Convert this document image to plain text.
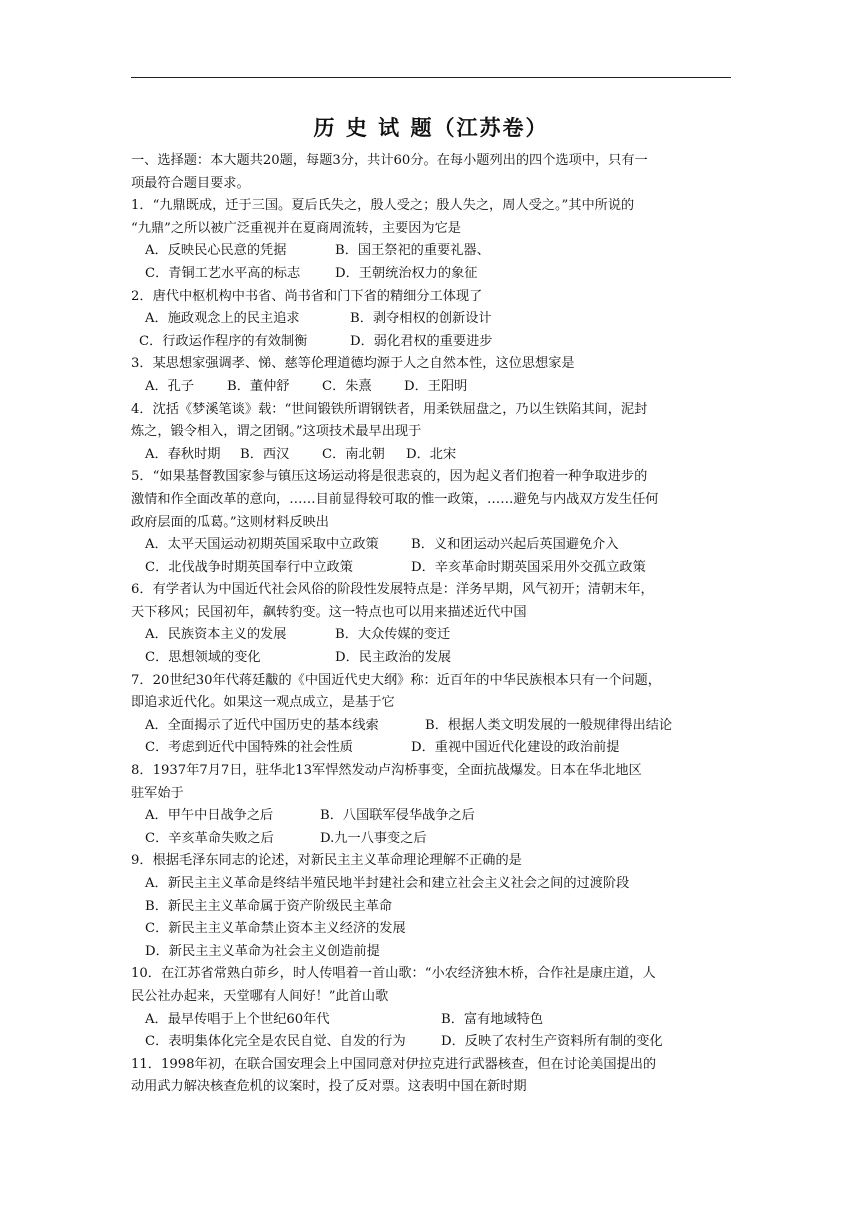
历 史 试 题（江苏卷）
一、选择题：本大题共20题，每题3分，共计60分。在每小题列出的四个选项中，只有一
项最符合题目要求。
1．“九鼎既成，迁于三国。夏后氏失之，殷人受之；殷人失之，周人受之。”其中所说的
“九鼎”之所以被广泛重视并在夏商周流转，主要因为它是
A．反映民心民意的凭据	B．国王祭祀的重要礼器、
C．青铜工艺水平高的标志	D．王朝统治权力的象征
2．唐代中枢机构中书省、尚书省和门下省的精细分工体现了
A．施政观念上的民主追求	B．剥夺相权的创新设计
C．行政运作程序的有效制衡	D．弱化君权的重要进步
3．某思想家强调孝、悌、慈等伦理道德均源于人之自然本性，这位思想家是
A．孔子 B．董仲舒 C．朱熹 D．王阳明
4．沈括《梦溪笔谈》载：“世间锻铁所谓钢铁者，用柔铁屈盘之，乃以生铁陷其间，泥封
炼之，锻令相入，谓之团钢。”这项技术最早出现于
A．春秋时期 B．西汉 C．南北朝 D．北宋
5．“如果基督教国家参与镇压这场运动将是很悲哀的，因为起义者们抱着一种争取进步的
激情和作全面改革的意向，……目前显得较可取的惟一政策，……避免与内战双方发生任何
政府层面的瓜葛。”这则材料反映出
A．太平天国运动初期英国采取中立政策 B．义和团运动兴起后英国避免介入
C．北伐战争时期英国奉行中立政策	D．辛亥革命时期英国采用外交孤立政策
6．有学者认为中国近代社会风俗的阶段性发展特点是：洋务早期，风气初开；清朝末年，
天下移风；民国初年，飙转豹变。这一特点也可以用来描述近代中国
A．民族资本主义的发展	B．大众传媒的变迁
C．思想领域的变化	D．民主政治的发展
7．20世纪30年代蒋廷黻的《中国近代史大纲》称：近百年的中华民族根本只有一个问题，
即追求近代化。如果这一观点成立，是基于它
A．全面揭示了近代中国历史的基本线索	B．根据人类文明发展的一般规律得出结论
C．考虑到近代中国特殊的社会性质	D．重视中国近代化建设的政治前提
8．1937年7月7日，驻华北13军悍然发动卢沟桥事变，全面抗战爆发。日本在华北地区
驻军始于
A．甲午中日战争之后	B．八国联军侵华战争之后
C．辛亥革命失败之后	D.九一八事变之后
9．根据毛泽东同志的论述，对新民主主义革命理论理解不正确的是
A．新民主主义革命是终结半殖民地半封建社会和建立社会主义社会之间的过渡阶段
B．新民主主义革命属于资产阶级民主革命
C．新民主主义革命禁止资本主义经济的发展
D．新民主主义革命为社会主义创造前提
10．在江苏省常熟白茆乡，时人传唱着一首山歌：“小农经济独木桥，合作社是康庄道，人
民公社办起来，天堂哪有人间好！”此首山歌
A．最早传唱于上个世纪60年代	B．富有地域特色
C．表明集体化完全是农民自觉、自发的行为	D．反映了农村生产资料所有制的变化
11．1998年初，在联合国安理会上中国同意对伊拉克进行武器核查，但在讨论美国提出的
动用武力解决核查危机的议案时，投了反对票。这表明中国在新时期
